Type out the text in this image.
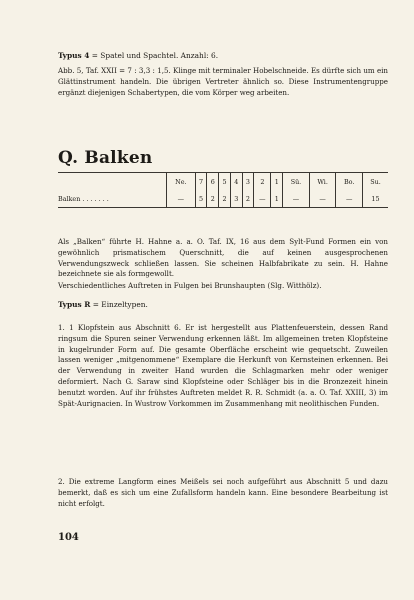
Typus 4 = Spatel und Spachtel. Anzahl: 6.

Abb. 5, Taf. XXII = 7 : 3,3 : 1,5. Klinge mit terminaler Hobelschneide. Es dürfte sich um ein Glättinstrument handeln. Die übrigen Vertreter ähnlich so. Diese Instrumentengruppe ergänzt diejenigen Schabertypen, die vom Körper weg arbeiten.

Q. Balken
	Ne.	7	6	5	4	3	2	1	Sü.	Wi.	Bo.	Su.
Balken . . . . . . .	—	5	2	2	3	2	—	1	—	—	—	15

Als „Balken“ führte H. Hahne a. a. O. Taf. IX, 16 aus dem Sylt-Fund Formen ein von gewöhnlich prismatischem Querschnitt, die auf keinen ausgesprochenen Verwendungszweck schließen lassen. Sie scheinen Halbfabrikate zu sein. H. Hahne bezeichnete sie als formgewollt.

Verschiedentliches Auftreten in Fulgen bei Brunshaupten (Slg. Witthölz).

Typus R = Einzeltypen.

1. 1 Klopfstein aus Abschnitt 6. Er ist hergestellt aus Plattenfeuerstein, dessen Rand ringsum die Spuren seiner Verwendung erkennen läßt. Im allgemeinen treten Klopfsteine in kugelrunder Form auf. Die gesamte Oberfläche erscheint wie gequetscht. Zuweilen lassen weniger „mitgenommene“ Exemplare die Herkunft von Kernsteinen erkennen. Bei der Verwendung in zweiter Hand wurden die Schlagmarken mehr oder weniger deformiert. Nach G. Saraw sind Klopfsteine oder Schläger bis in die Bronzezeit hinein benutzt worden. Auf ihr frühstes Auftreten meldet R. R. Schmidt (a. a. O. Taf. XXIII, 3) im Spät-Aurignacien. In Wustrow Vorkommen im Zusammenhang mit neolithischen Funden.

2. Die extreme Langform eines Meißels sei noch aufgeführt aus Abschnitt 5 und dazu bemerkt, daß es sich um eine Zufallsform handeln kann. Eine besondere Bearbeitung ist nicht erfolgt.

104
